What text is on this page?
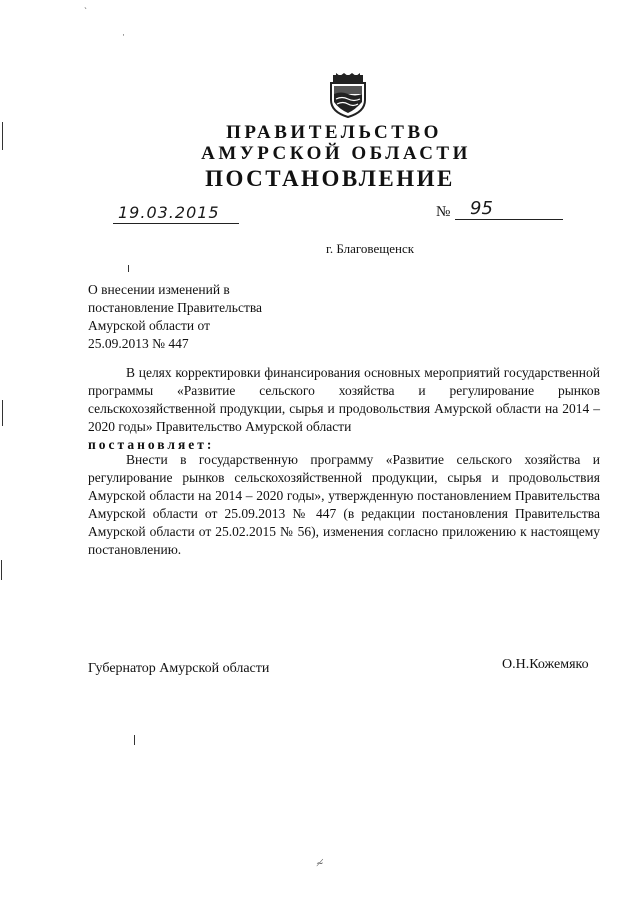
ПРАВИТЕЛЬСТВО
АМУРСКОЙ ОБЛАСТИ
ПОСТАНОВЛЕНИЕ
19.03.2015	№ 95
г. Благовещенск
О внесении изменений в
постановление Правительства
Амурской области от
25.09.2013 № 447
В целях корректировки финансирования основных мероприятий государственной программы «Развитие сельского хозяйства и регулирование рынков сельскохозяйственной продукции, сырья и продовольствия Амурской области на 2014 – 2020 годы» Правительство Амурской области
постановляет:
Внести в государственную программу «Развитие сельского хозяйства и регулирование рынков сельскохозяйственной продукции, сырья и продовольствия Амурской области на 2014 – 2020 годы», утвержденную постановлением Правительства Амурской области от 25.09.2013 № 447 (в редакции постановления Правительства Амурской области от 25.02.2015 № 56), изменения согласно приложению к настоящему постановлению.
Губернатор Амурской области	О.Н.Кожемяко
ˋ
·
≁
